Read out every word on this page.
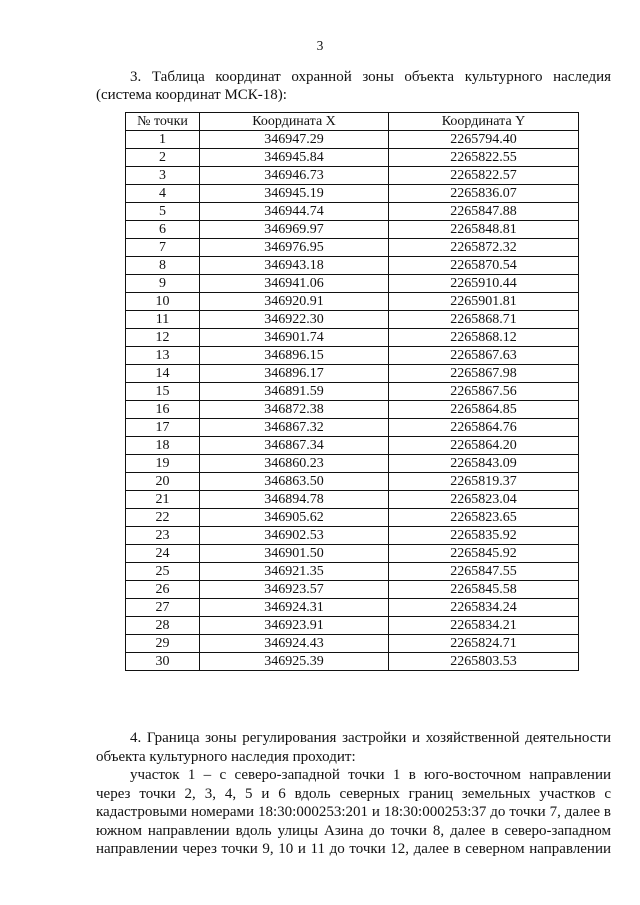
3
3. Таблица координат охранной зоны объекта культурного наследия
(система координат МСК-18):
№ точки	Координата X	Координата Y
1	346947.29	2265794.40
2	346945.84	2265822.55
3	346946.73	2265822.57
4	346945.19	2265836.07
5	346944.74	2265847.88
6	346969.97	2265848.81
7	346976.95	2265872.32
8	346943.18	2265870.54
9	346941.06	2265910.44
10	346920.91	2265901.81
11	346922.30	2265868.71
12	346901.74	2265868.12
13	346896.15	2265867.63
14	346896.17	2265867.98
15	346891.59	2265867.56
16	346872.38	2265864.85
17	346867.32	2265864.76
18	346867.34	2265864.20
19	346860.23	2265843.09
20	346863.50	2265819.37
21	346894.78	2265823.04
22	346905.62	2265823.65
23	346902.53	2265835.92
24	346901.50	2265845.92
25	346921.35	2265847.55
26	346923.57	2265845.58
27	346924.31	2265834.24
28	346923.91	2265834.21
29	346924.43	2265824.71
30	346925.39	2265803.53
4. Граница зоны регулирования застройки и хозяйственной деятельности
объекта культурного наследия проходит:
участок 1 – с северо-западной точки 1 в юго-восточном направлении
через точки 2, 3, 4, 5 и 6 вдоль северных границ земельных участков с
кадастровыми номерами 18:30:000253:201 и 18:30:000253:37 до точки 7, далее в
южном направлении вдоль улицы Азина до точки 8, далее в северо-западном
направлении через точки 9, 10 и 11 до точки 12, далее в северном направлении
